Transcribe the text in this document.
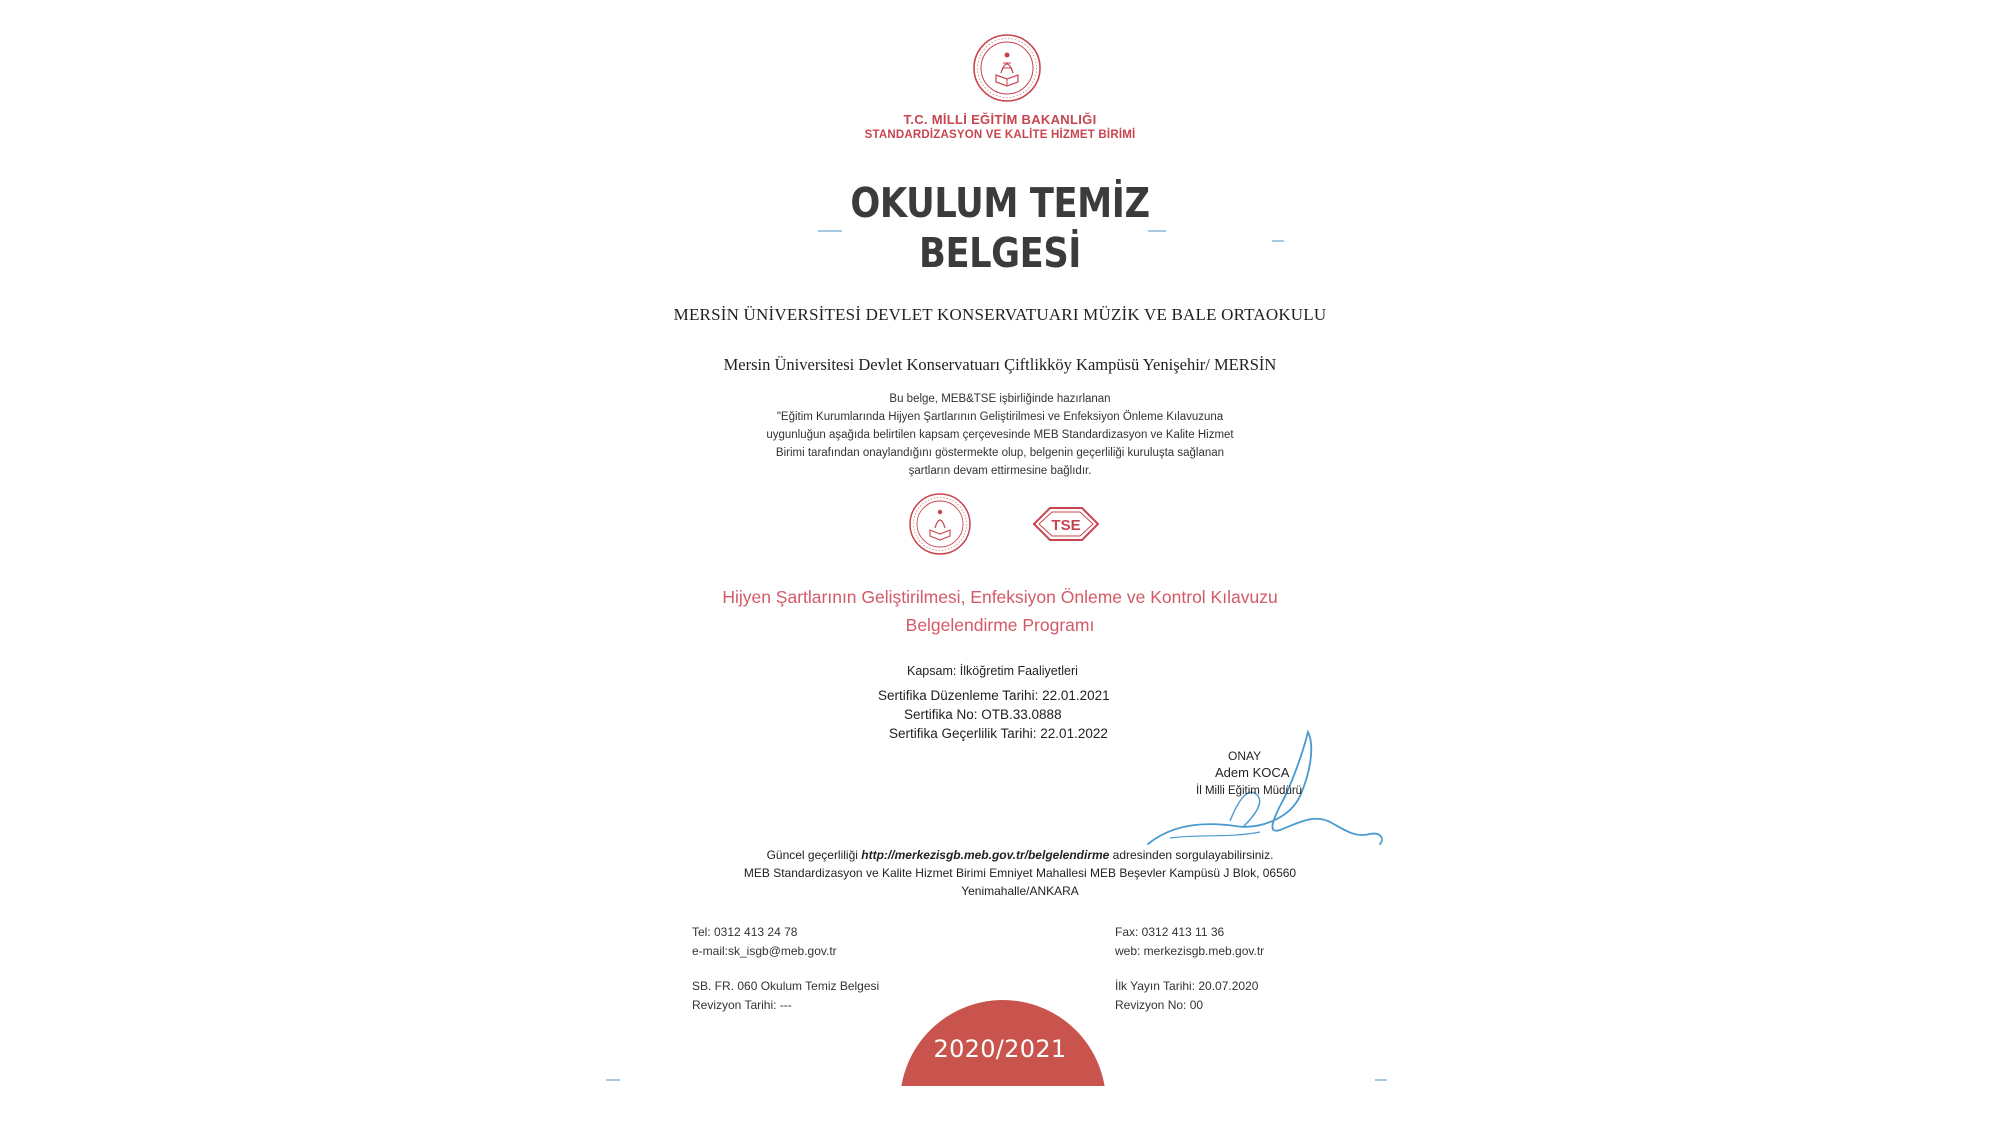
T.C. MİLLİ EĞİTİM BAKANLIĞI
STANDARDİZASYON VE KALİTE HİZMET BİRİMİ
OKULUM TEMİZ
BELGESİ
MERSİN ÜNİVERSİTESİ DEVLET KONSERVATUARI MÜZİK VE BALE ORTAOKULU
Mersin Üniversitesi Devlet Konservatuarı Çiftlikköy Kampüsü Yenişehir/ MERSİN
Bu belge, MEB&TSE işbirliğinde hazırlanan
"Eğitim Kurumlarında Hijyen Şartlarının Geliştirilmesi ve Enfeksiyon Önleme Kılavuzuna
uygunluğun aşağıda belirtilen kapsam çerçevesinde MEB Standardizasyon ve Kalite Hizmet
Birimi tarafından onaylandığını göstermekte olup, belgenin geçerliliği kuruluşta sağlanan
şartların devam ettirmesine bağlıdır.
TSE
Hijyen Şartlarının Geliştirilmesi, Enfeksiyon Önleme ve Kontrol Kılavuzu
Belgelendirme Programı
Kapsam: İlköğretim Faaliyetleri
Sertifika Düzenleme Tarihi: 22.01.2021
Sertifika No: OTB.33.0888
Sertifika Geçerlilik Tarihi: 22.01.2022
ONAY
Adem KOCA
İl Milli Eğitim Müdürü
Güncel geçerliliği http://merkezisgb.meb.gov.tr/belgelendirme adresinden sorgulayabilirsiniz.
MEB Standardizasyon ve Kalite Hizmet Birimi Emniyet Mahallesi MEB Beşevler Kampüsü J Blok, 06560
Yenimahalle/ANKARA
Tel: 0312 413 24 78
e-mail:sk_isgb@meb.gov.tr
Fax: 0312 413 11 36
web: merkezisgb.meb.gov.tr
SB. FR. 060 Okulum Temiz Belgesi
Revizyon Tarihi: ---
İlk Yayın Tarihi: 20.07.2020
Revizyon No: 00
2020/2021
